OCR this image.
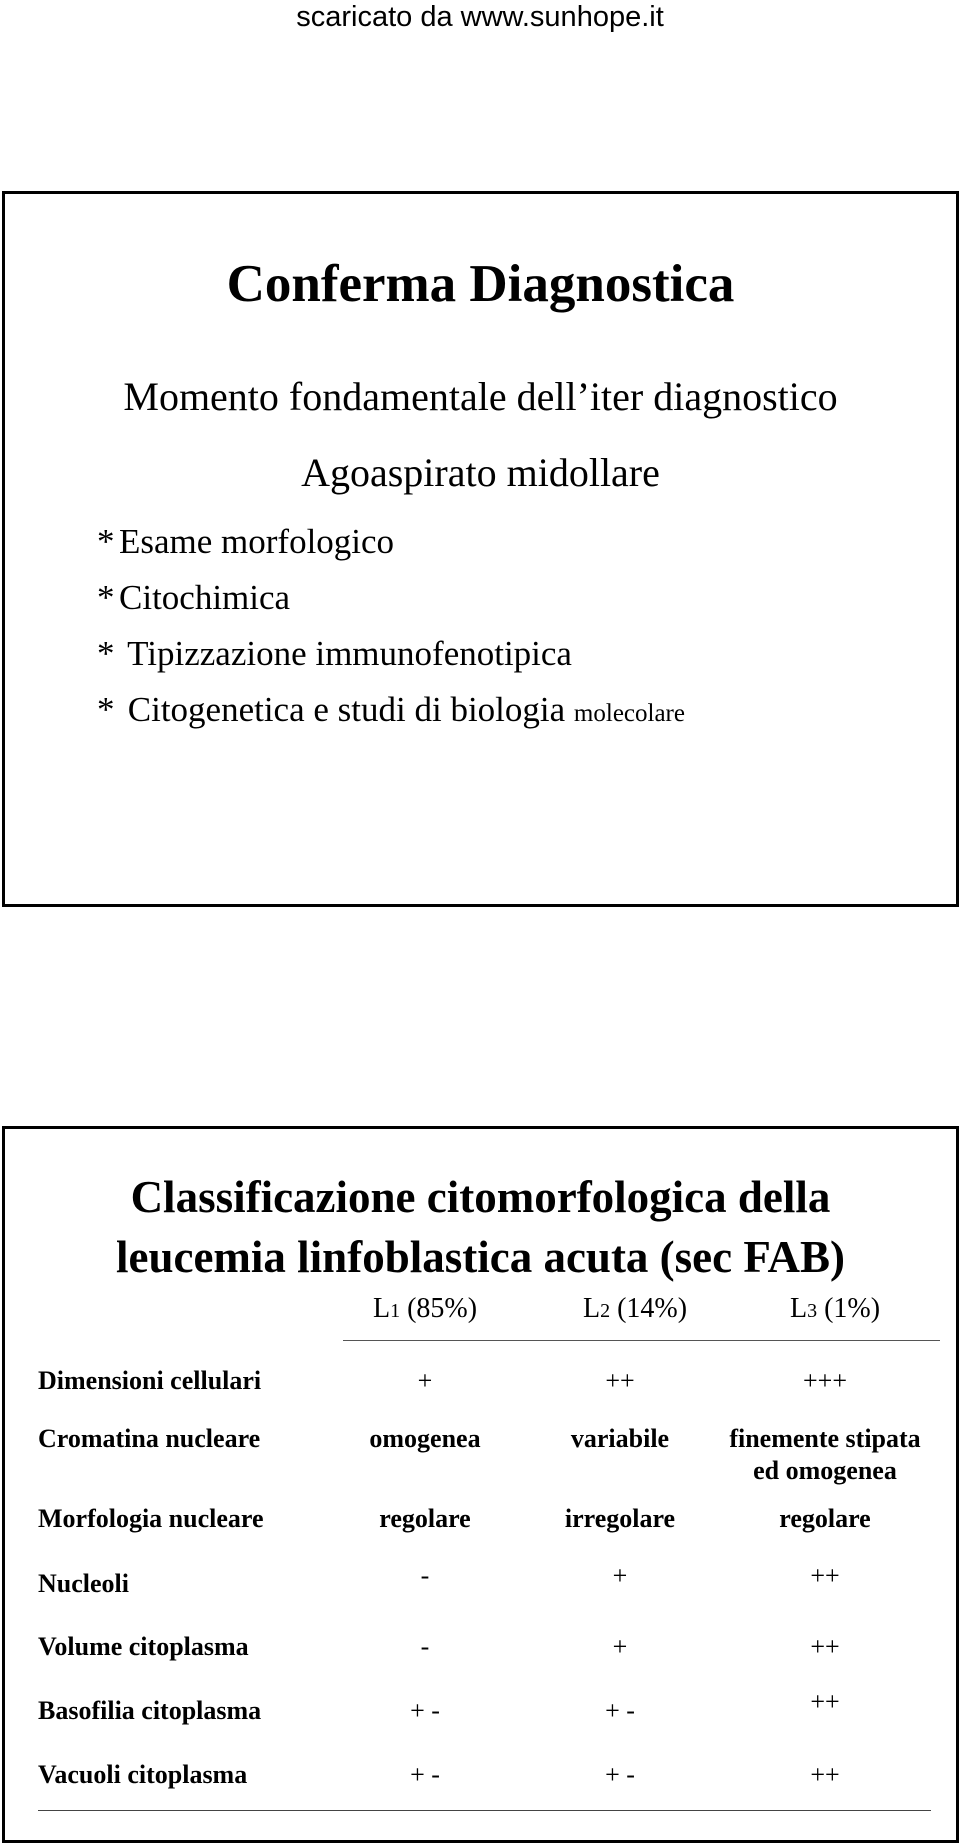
scaricato da www.sunhope.it
Conferma Diagnostica
Momento fondamentale dell’iter diagnostico
Agoaspirato midollare
* Esame morfologico
* Citochimica
* Tipizzazione immunofenotipica
* Citogenetica e studi di biologia molecolare
Classificazione citomorfologica della
leucemia linfoblastica acuta (sec FAB)
L1 (85%)	L2 (14%)	L3 (1%)
Dimensioni cellulari	+	++	+++
Cromatina nucleare	omogenea	variabile	finemente stipata
ed omogenea
Morfologia nucleare	regolare	irregolare	regolare
Nucleoli	-	+	++
Volume citoplasma	-	+	++
Basofilia citoplasma	+ -	+ -	++
Vacuoli citoplasma	+ -	+ -	++
